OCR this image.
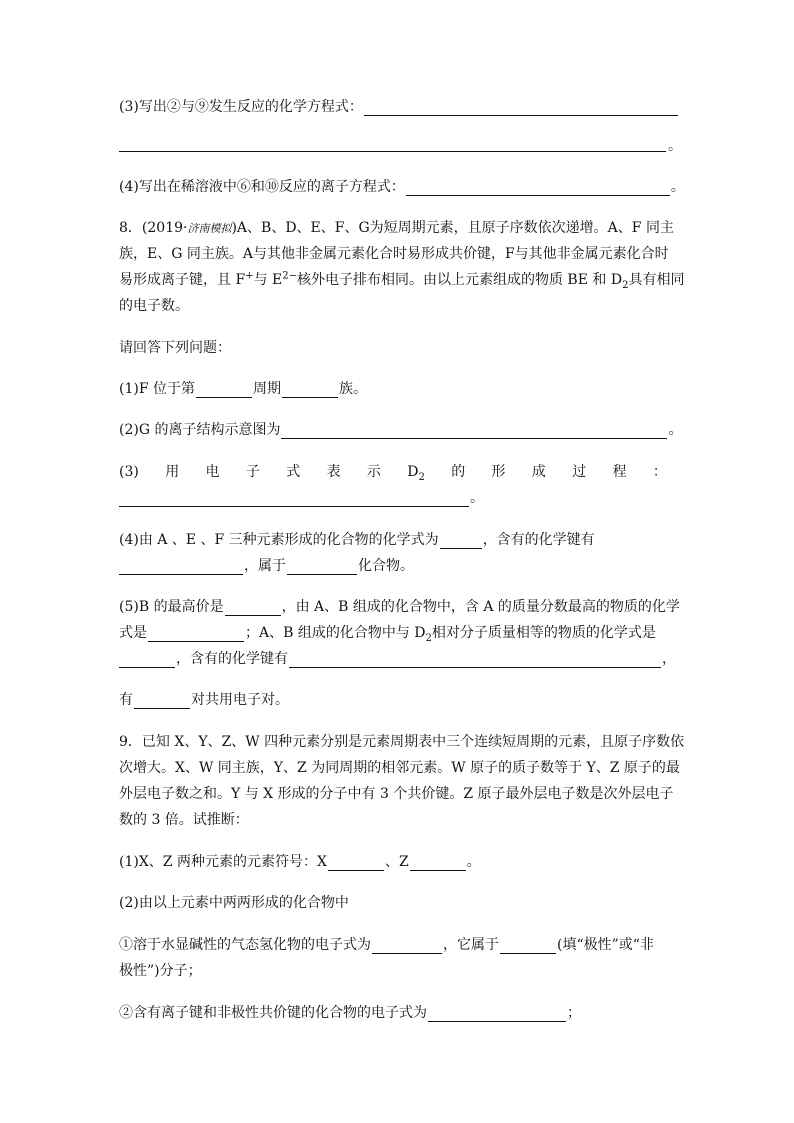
(3)写出②与⑨发生反应的化学方程式：
。
(4)写出在稀溶液中⑥和⑩反应的离子方程式：	。
8．(2019·济南模拟)A、B、D、E、F、G为短周期元素，且原子序数依次递增。A、F 同主
族，E、G 同主族。A与其他非金属元素化合时易形成共价键，F与其他非金属元素化合时
易形成离子键，且 F+与 $E^{2-}$核外电子排布相同。由以上元素组成的物质 BE 和 $D_2$具有相同
的电子数。
请回答下列问题：
(1)F 位于第	周期	族。
(2)G 的离子结构示意图为	。
(3) 用 电 子 式 表 示 $D_2$ 的 形 成 过 程 ：
。
(4)由 A 、E 、F 三种元素形成的化合物的化学式为	，含有的化学键有
，属于	化合物。
(5)B 的最高价是	，由 A、B 组成的化合物中，含 A 的质量分数最高的物质的化学
式是	；A、B 组成的化合物中与 $D_2$相对分子质量相等的物质的化学式是
，含有的化学键有	，
有	对共用电子对。
9．已知 X、Y、Z、W 四种元素分别是元素周期表中三个连续短周期的元素，且原子序数依
次增大。X、W 同主族，Y、Z 为同周期的相邻元素。W 原子的质子数等于 Y、Z 原子的最
外层电子数之和。Y 与 X 形成的分子中有 3 个共价键。Z 原子最外层电子数是次外层电子
数的 3 倍。试推断：
(1)X、Z 两种元素的元素符号：X	、Z	。
(2)由以上元素中两两形成的化合物中
①溶于水显碱性的气态氢化物的电子式为	，它属于	(填“极性”或“非
极性”)分子；
②含有离子键和非极性共价键的化合物的电子式为	；
